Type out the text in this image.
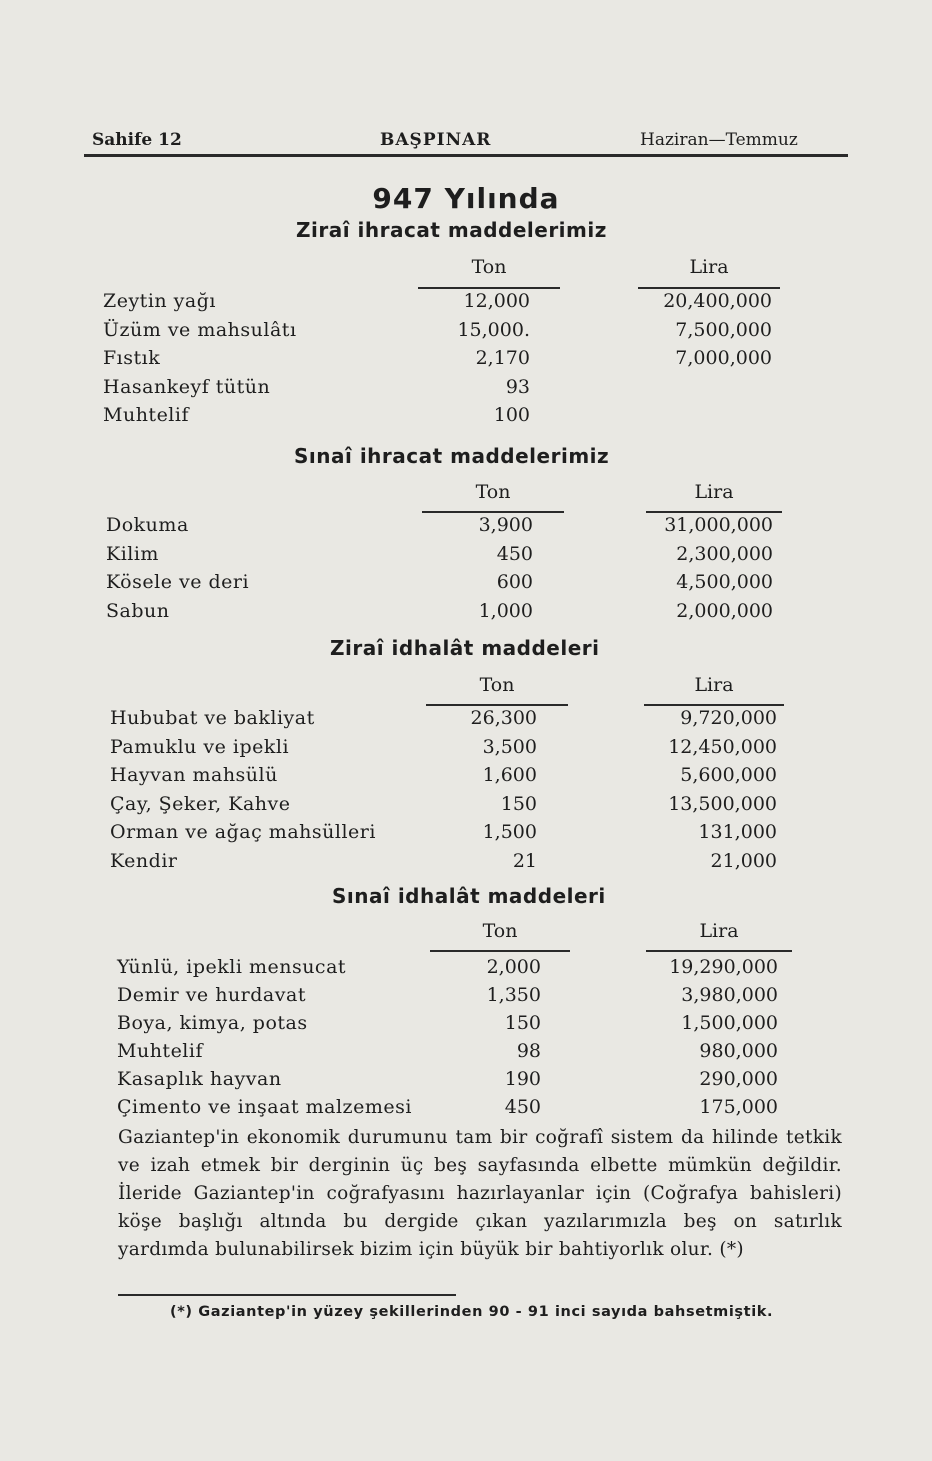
Sahife 12	BAŞPINAR	Haziran—Temmuz
947 Yılında
Ziraî ihracat maddelerimiz
Ton	Lira
Zeytin yağı	12,000	20,400,000
Üzüm ve mahsulâtı	15,000.	7,500,000
Fıstık	2,170	7,000,000
Hasankeyf tütün	93
Muhtelif	100
Sınaî ihracat maddelerimiz
Ton	Lira
Dokuma	3,900	31,000,000
Kilim	450	2,300,000
Kösele ve deri	600	4,500,000
Sabun	1,000	2,000,000
Ziraî idhalât maddeleri
Ton	Lira
Hububat ve bakliyat	26,300	9,720,000
Pamuklu ve ipekli	3,500	12,450,000
Hayvan mahsülü	1,600	5,600,000
Çay, Şeker, Kahve	150	13,500,000
Orman ve ağaç mahsülleri	1,500	131,000
Kendir	21	21,000
Sınaî idhalât maddeleri
Ton	Lira
Yünlü, ipekli mensucat	2,000	19,290,000
Demir ve hurdavat	1,350	3,980,000
Boya, kimya, potas	150	1,500,000
Muhtelif	98	980,000
Kasaplık hayvan	190	290,000
Çimento ve inşaat malzemesi	450	175,000
Gaziantep'in ekonomik durumunu tam bir coğrafî sistem da hilinde tetkik ve izah etmek bir derginin üç beş sayfasında elbette mümkün değildir. İleride Gaziantep'in coğrafyasını hazırlayanlar için (Coğrafya bahisleri) köşe başlığı altında bu dergide çıkan yazılarımızla beş on satırlık yardımda bulunabilirsek bizim için büyük bir bahtiyorlık olur. (*)
(*) Gaziantep'in yüzey şekillerinden 90 - 91 inci sayıda bahsetmiştik.
